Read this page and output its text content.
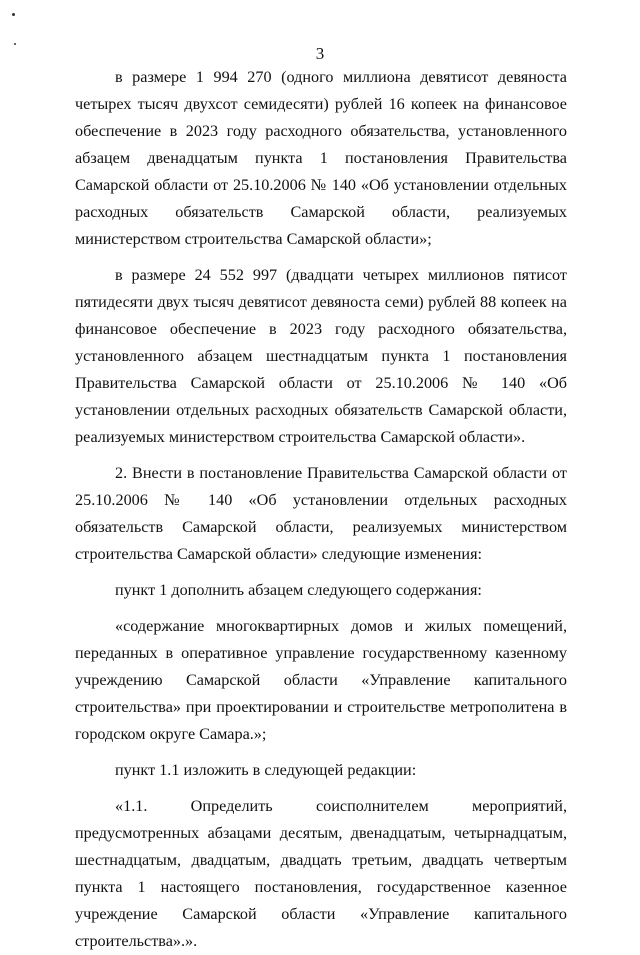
3

в размере 1 994 270 (одного миллиона девятисот девяноста четырех тысяч двухсот семидесяти) рублей 16 копеек на финансовое обеспечение в 2023 году расходного обязательства, установленного абзацем двенадцатым пункта 1 постановления Правительства Самарской области от 25.10.2006 № 140 «Об установлении отдельных расходных обязательств Самарской области, реализуемых министерством строительства Самарской области»;

в размере 24 552 997 (двадцати четырех миллионов пятисот пятидесяти двух тысяч девятисот девяноста семи) рублей 88 копеек на финансовое обеспечение в 2023 году расходного обязательства, установленного абзацем шестнадцатым пункта 1 постановления Правительства Самарской области от 25.10.2006 № 140 «Об установлении отдельных расходных обязательств Самарской области, реализуемых министерством строительства Самарской области».

2. Внести в постановление Правительства Самарской области от 25.10.2006 № 140 «Об установлении отдельных расходных обязательств Самарской области, реализуемых министерством строительства Самарской области» следующие изменения:

пункт 1 дополнить абзацем следующего содержания:

«содержание многоквартирных домов и жилых помещений, переданных в оперативное управление государственному казенному учреждению Самарской области «Управление капитального строительства» при проектировании и строительстве метрополитена в городском округе Самара.»;

пункт 1.1 изложить в следующей редакции:

«1.1. Определить соисполнителем мероприятий, предусмотренных абзацами десятым, двенадцатым, четырнадцатым, шестнадцатым, двадцатым, двадцать третьим, двадцать четвертым пункта 1 настоящего постановления, государственное казенное учреждение Самарской области «Управление капитального строительства».».
